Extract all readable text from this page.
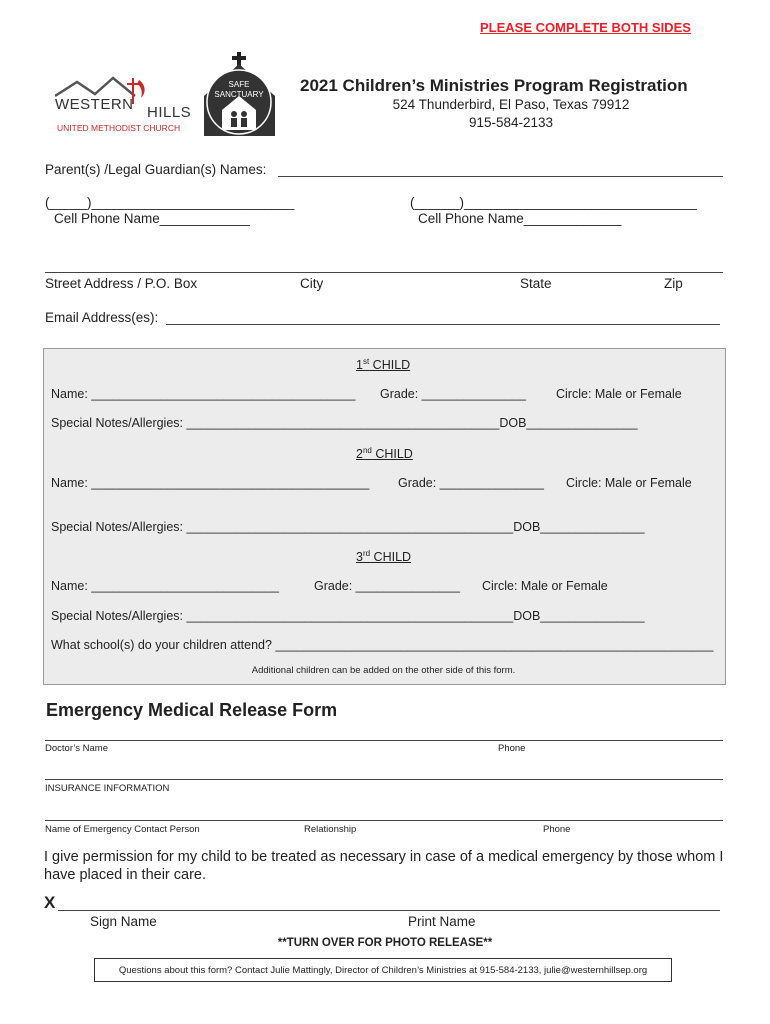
PLEASE COMPLETE BOTH SIDES
WESTERN HILLS
UNITED METHODIST CHURCH
SAFE
SANCTUARY	2021 Children’s Ministries Program Registration
524 Thunderbird, El Paso, Texas 79912
915-584-2133
Parent(s) /Legal Guardian(s) Names:
(_____)___________________________	(______)_______________________________
Cell Phone Name____________	Cell Phone Name_____________
Street Address / P.O. Box	City	State	Zip
Email Address(es):
1st CHILD
Name: ______________________________________ Grade: _______________ Circle: Male or Female
Special Notes/Allergies: _____________________________________________DOB________________
2nd CHILD
Name: ________________________________________ Grade: _______________ Circle: Male or Female
Special Notes/Allergies: _______________________________________________DOB_______________
3rd CHILD
Name: ___________________________	Grade: _______________ Circle: Male or Female
Special Notes/Allergies: _______________________________________________DOB_______________
What school(s) do your children attend? _______________________________________________________________
Additional children can be added on the other side of this form.
Emergency Medical Release Form
Doctor’s Name	Phone
INSURANCE INFORMATION
Name of Emergency Contact Person	Relationship	Phone
I give permission for my child to be treated as necessary in case of a medical emergency by those whom I have placed in their care.
X
Sign Name	Print Name
**TURN OVER FOR PHOTO RELEASE**
Questions about this form? Contact Julie Mattingly, Director of Children’s Ministries at 915-584-2133, julie@westernhillsep.org
